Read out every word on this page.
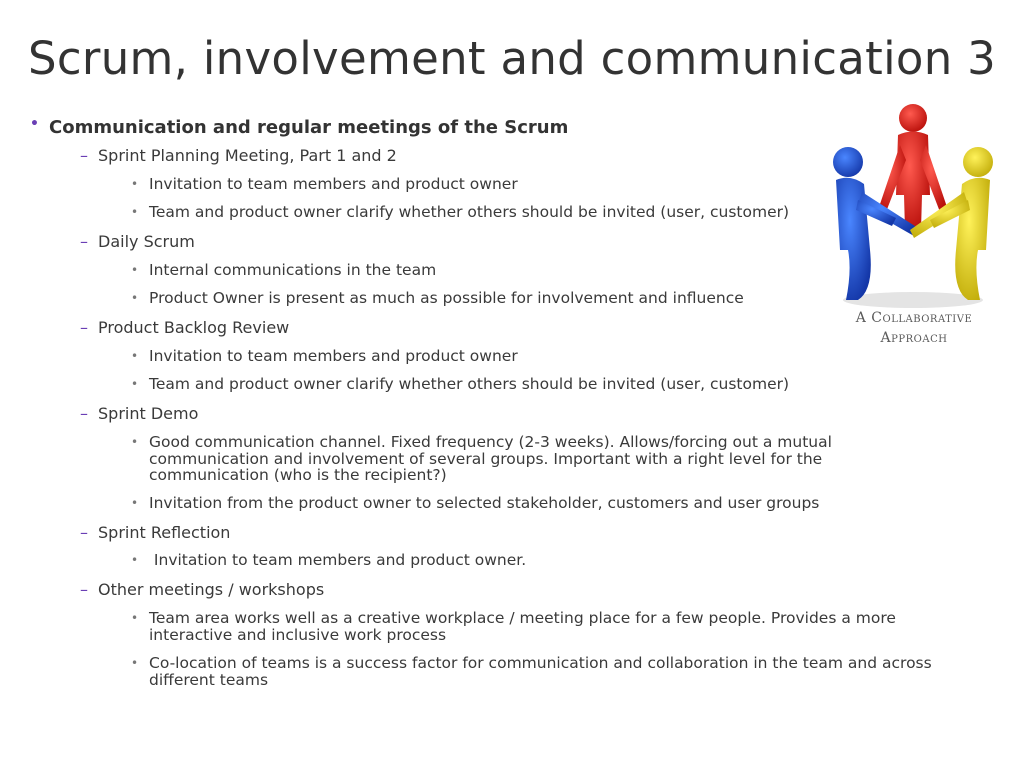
Scrum, involvement and communication 3
• Communication and regular meetings of the Scrum
– Sprint Planning Meeting, Part 1 and 2
• Invitation to team members and product owner
• Team and product owner clarify whether others should be invited (user, customer)
– Daily Scrum
• Internal communications in the team
• Product Owner is present as much as possible for involvement and influence
– Product Backlog Review
• Invitation to team members and product owner
• Team and product owner clarify whether others should be invited (user, customer)
– Sprint Demo
• Good communication channel. Fixed frequency (2-3 weeks). Allows/forcing out a mutual communication and involvement of several groups. Important with a right level for the communication (who is the recipient?)
• Invitation from the product owner to selected stakeholder, customers and user groups
– Sprint Reflection
• Invitation to team members and product owner.
– Other meetings / workshops
• Team area works well as a creative workplace / meeting place for a few people. Provides a more interactive and inclusive work process
• Co-location of teams is a success factor for communication and collaboration in the team and across different teams
A Collaborative
Approach
